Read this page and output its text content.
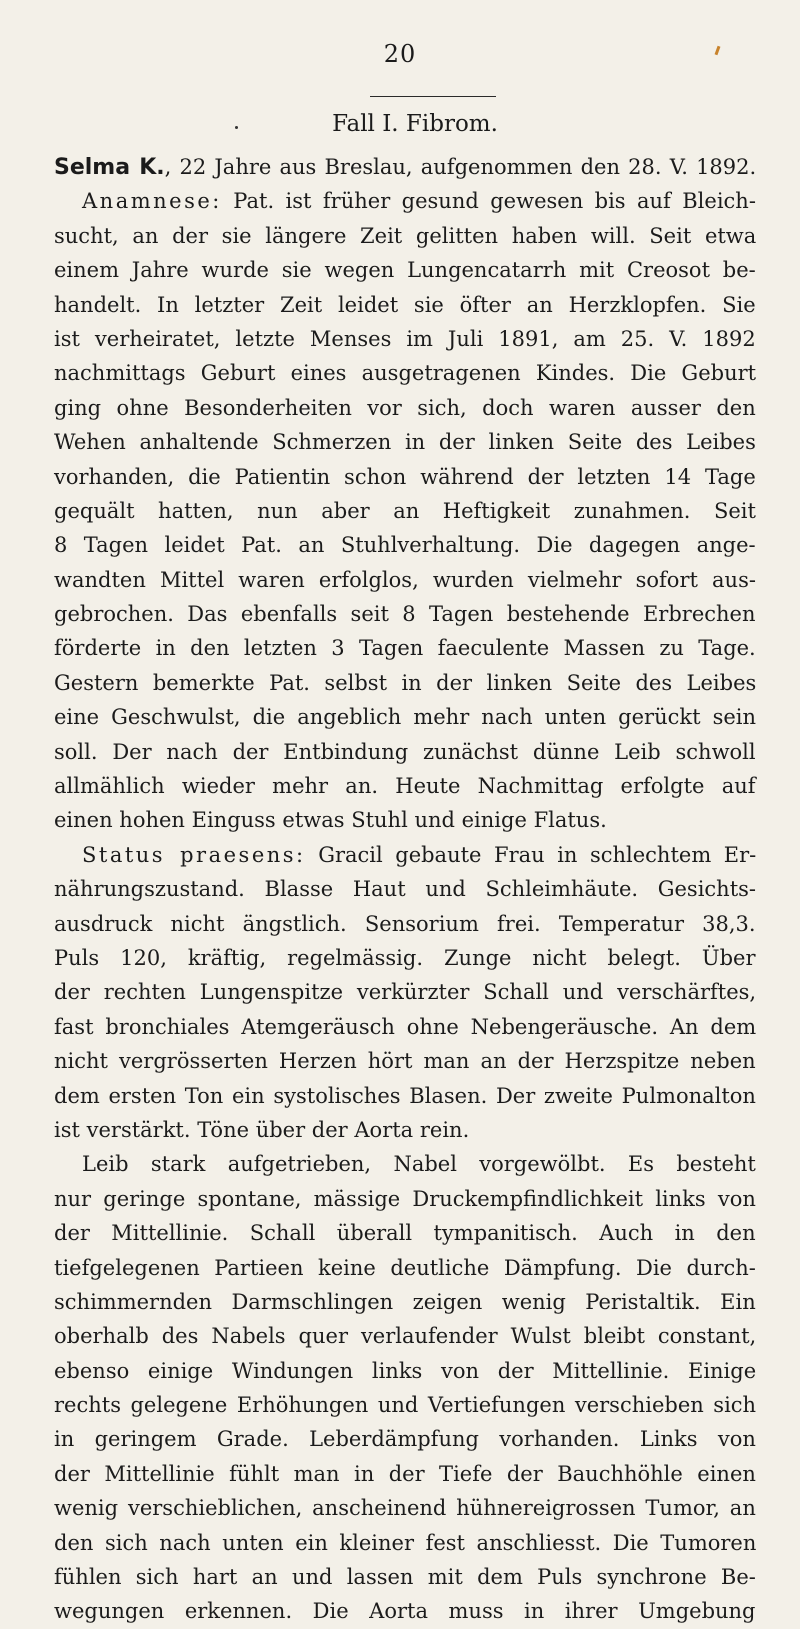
20
Fall I. Fibrom.
Selma K., 22 Jahre aus Breslau, aufgenommen den 28. V. 1892.
Anamnese: Pat. ist früher gesund gewesen bis auf Bleich-
sucht, an der sie längere Zeit gelitten haben will. Seit etwa
einem Jahre wurde sie wegen Lungencatarrh mit Creosot be-
handelt. In letzter Zeit leidet sie öfter an Herzklopfen. Sie
ist verheiratet, letzte Menses im Juli 1891, am 25. V. 1892
nachmittags Geburt eines ausgetragenen Kindes. Die Geburt
ging ohne Besonderheiten vor sich, doch waren ausser den
Wehen anhaltende Schmerzen in der linken Seite des Leibes
vorhanden, die Patientin schon während der letzten 14 Tage
gequält hatten, nun aber an Heftigkeit zunahmen. Seit
8 Tagen leidet Pat. an Stuhlverhaltung. Die dagegen ange-
wandten Mittel waren erfolglos, wurden vielmehr sofort aus-
gebrochen. Das ebenfalls seit 8 Tagen bestehende Erbrechen
förderte in den letzten 3 Tagen faeculente Massen zu Tage.
Gestern bemerkte Pat. selbst in der linken Seite des Leibes
eine Geschwulst, die angeblich mehr nach unten gerückt sein
soll. Der nach der Entbindung zunächst dünne Leib schwoll
allmählich wieder mehr an. Heute Nachmittag erfolgte auf
einen hohen Einguss etwas Stuhl und einige Flatus.
Status praesens: Gracil gebaute Frau in schlechtem Er-
nährungszustand. Blasse Haut und Schleimhäute. Gesichts-
ausdruck nicht ängstlich. Sensorium frei. Temperatur 38,3.
Puls 120, kräftig, regelmässig. Zunge nicht belegt. Über
der rechten Lungenspitze verkürzter Schall und verschärftes,
fast bronchiales Atemgeräusch ohne Nebengeräusche. An dem
nicht vergrösserten Herzen hört man an der Herzspitze neben
dem ersten Ton ein systolisches Blasen. Der zweite Pulmonalton
ist verstärkt. Töne über der Aorta rein.
Leib stark aufgetrieben, Nabel vorgewölbt. Es besteht
nur geringe spontane, mässige Druckempfindlichkeit links von
der Mittellinie. Schall überall tympanitisch. Auch in den
tiefgelegenen Partieen keine deutliche Dämpfung. Die durch-
schimmernden Darmschlingen zeigen wenig Peristaltik. Ein
oberhalb des Nabels quer verlaufender Wulst bleibt constant,
ebenso einige Windungen links von der Mittellinie. Einige
rechts gelegene Erhöhungen und Vertiefungen verschieben sich
in geringem Grade. Leberdämpfung vorhanden. Links von
der Mittellinie fühlt man in der Tiefe der Bauchhöhle einen
wenig verschieblichen, anscheinend hühnereigrossen Tumor, an
den sich nach unten ein kleiner fest anschliesst. Die Tumoren
fühlen sich hart an und lassen mit dem Puls synchrone Be-
wegungen erkennen. Die Aorta muss in ihrer Umgebung
